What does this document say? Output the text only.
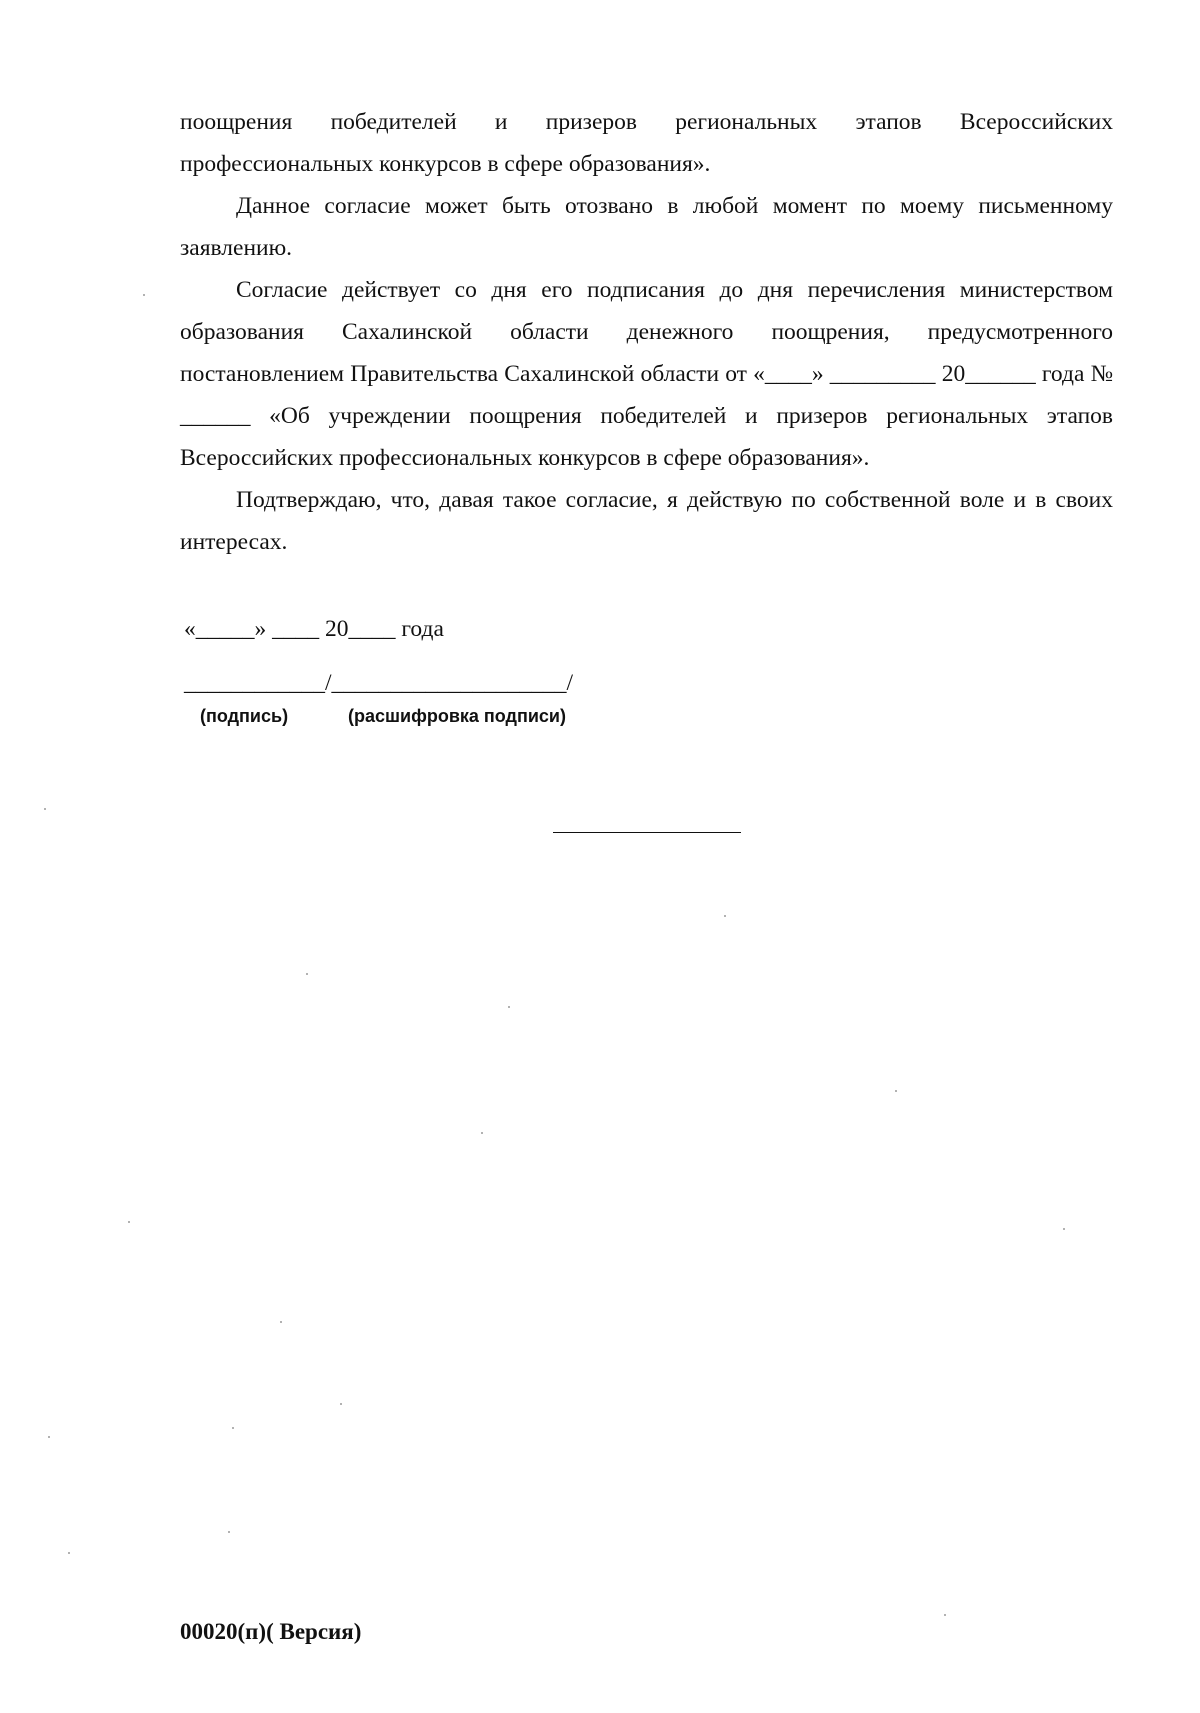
поощрения победителей и призеров региональных этапов Всероссийских профессиональных конкурсов в сфере образования».
Данное согласие может быть отозвано в любой момент по моему письменному заявлению.
Согласие действует со дня его подписания до дня перечисления министерством образования Сахалинской области денежного поощрения, предусмотренного постановлением Правительства Сахалинской области от «____» _________ 20______ года № ______ «Об учреждении поощрения победителей и призеров региональных этапов Всероссийских профессиональных конкурсов в сфере образования».
Подтверждаю, что, давая такое согласие, я действую по собственной воле и в своих интересах.
«_____» ____ 20____ года
____________/____________________/
(подпись)	(расшифровка подписи)
00020(п)( Версия)
